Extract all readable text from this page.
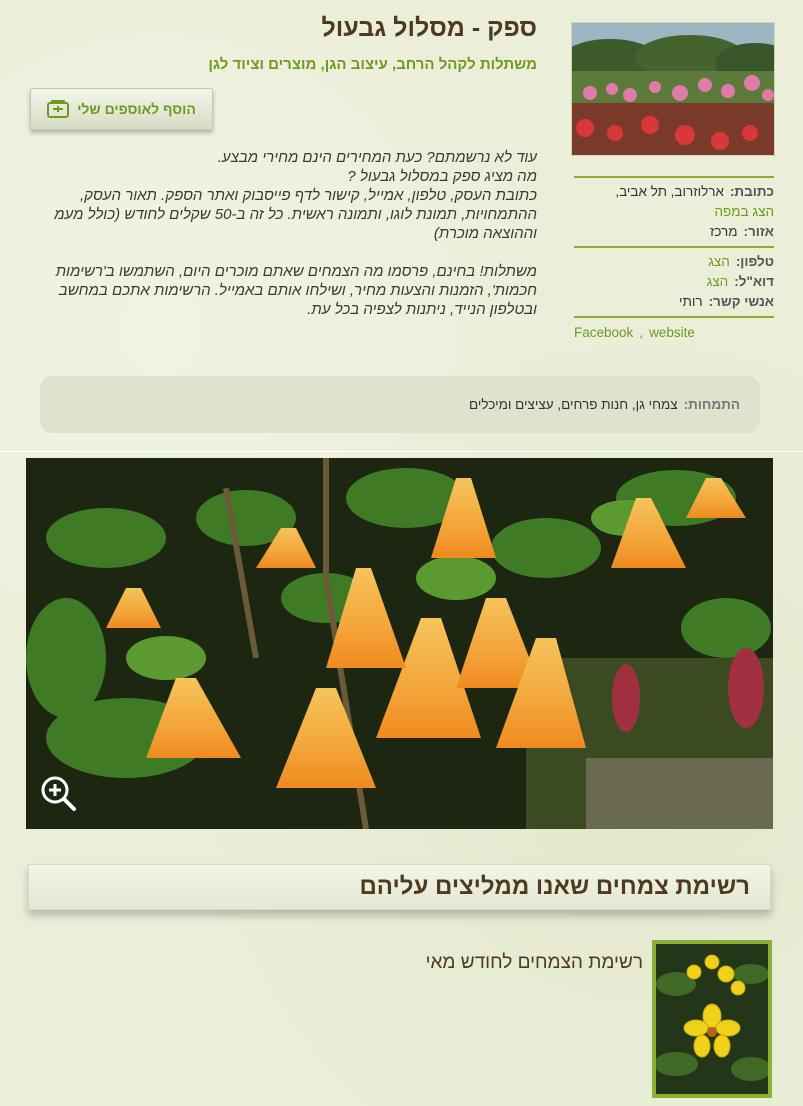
ספק - מסלול גבעול
משתלות לקהל הרחב, עיצוב הגן, מוצרים וציוד לגן
הוסף לאוספים שלי

עוד לא נרשמתם? כעת המחירים הינם מחירי מבצע.

מה מציג ספק במסלול גבעול ?

כתובת העסק, טלפון, אמייל, קישור לדף פייסבוק ואתר הספק. תאור העסק, ההתמחויות, תמונת לוגו, ותמונה ראשית. כל זה ב-50 שקלים לחודש (כולל מעמ וההוצאה מוכרת)

משתלות! בחינם, פרסמו מה הצמחים שאתם מוכרים היום, השתמשו ב'רשימות חכמות', הזמנות והצעות מחיר, ושילחו אותם באמייל. הרשימות אתכם במחשב ובטלפון הנייד, ניתנות לצפיה בכל עת.

כתובת:
ארלוזרוב, תל אביב,
הצג במפה
אזור:
מרכז
טלפון:
הצג
דוא"ל:
הצג
אנשי קשר:
רותי
Facebook , website
התמחות:
צמחי גן, חנות פרחים, עציצים ומיכלים
רשימת צמחים שאנו ממליצים עליהם
רשימת הצמחים לחודש מאי
